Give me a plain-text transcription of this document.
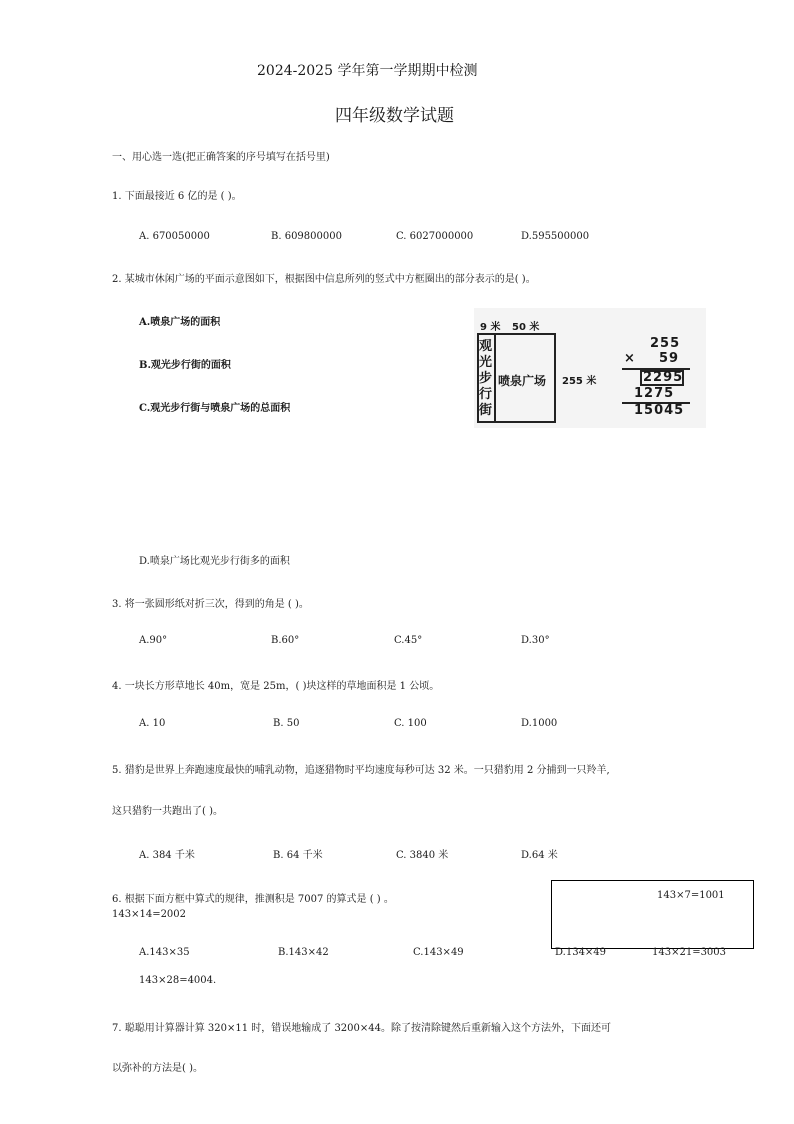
2024-2025 学年第一学期期中检测
四年级数学试题
一、用心选一选(把正确答案的序号填写在括号里)
1. 下面最接近 6 亿的是 ( )。
A. 670050000	B. 609800000	C. 6027000000	D.595500000
2. 某城市休闲广场的平面示意图如下，根据图中信息所列的竖式中方框圈出的部分表示的是( )。
A.喷泉广场的面积
B.观光步行街的面积
C.观光步行街与喷泉广场的总面积
D.喷泉广场比观光步行街多的面积
9 米 50 米
观
光
步
行
街
喷泉广场 255 米
255
× 59
2295
1275
15045
3. 将一张圆形纸对折三次，得到的角是 ( )。
A.90°	B.60°	C.45°	D.30°
4. 一块长方形草地长 40m，宽是 25m，( )块这样的草地面积是 1 公顷。
A. 10	B. 50	C. 100	D.1000
5. 猎豹是世界上奔跑速度最快的哺乳动物，追逐猎物时平均速度每秒可达 32 米。一只猎豹用 2 分捕到一只羚羊,
这只猎豹一共跑出了( )。
A. 384 千米	B. 64 千米	C. 3840 米	D.64 米
6. 根据下面方框中算式的规律，推测积是 7007 的算式是 ( ) 。	143×7=1001
143×14=2002
A.143×35	B.143×42	C.143×49	D.134×49	143×21=3003
143×28=4004.
7. 聪聪用计算器计算 320×11 时，错误地输成了 3200×44。除了按清除键然后重新输入这个方法外，下面还可
以弥补的方法是( )。
